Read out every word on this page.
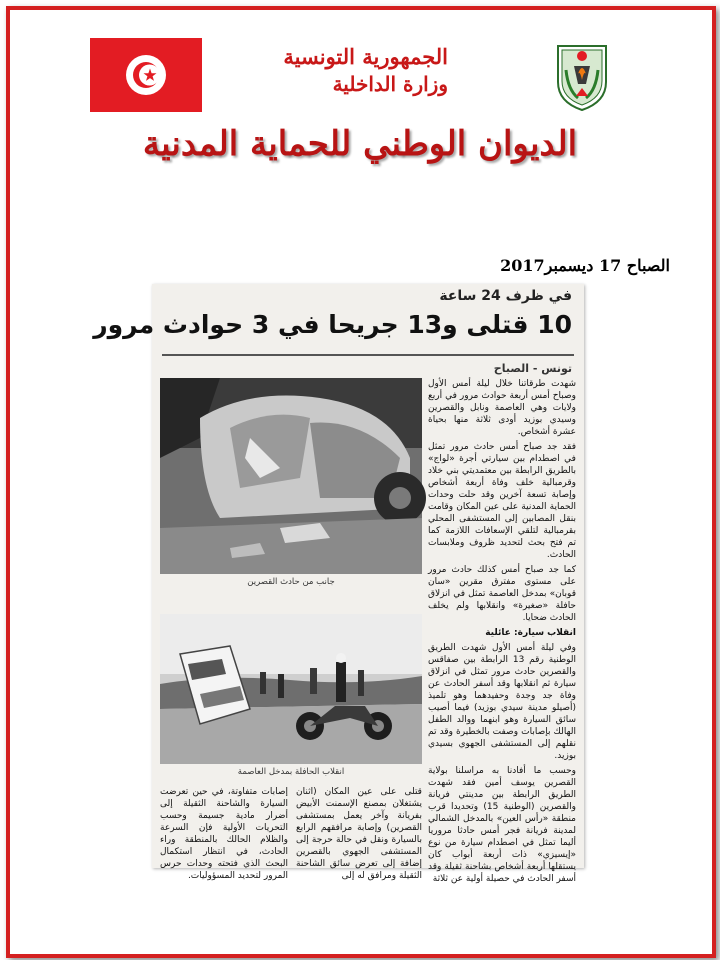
الجمهورية التونسية
وزارة الداخلية
الديوان الوطني للحماية المدنية
الصباح 17 ديسمبر2017
في ظرف 24 ساعة
10 قتلى و13 جريحا في 3 حوادث مرور
تونس - الصباح
جانب من حادث القصرين
انقلاب الحافلة بمدخل العاصمة

شهدت طرقاتنا خلال ليلة أمس الأول وصباح أمس أربعة حوادث مرور في أربع ولايات وهي العاصمة ونابل والقصرين وسيدي بوزيد أودى ثلاثة منها بحياة عشرة أشخاص.

فقد جد صباح أمس حادث مرور تمثل في اصطدام بين سيارتي أجرة «لواج» بالطريق الرابطة بين معتمديتي بني خلاد وقرمبالية خلف وفاة أربعة أشخاص وإصابة تسعة آخرين وقد حلت وحدات الحماية المدنية على عين المكان وقامت بنقل المصابين إلى المستشفى المحلي بقرمبالية لتلقي الإسعافات اللازمة كما تم فتح بحث لتحديد ظروف وملابسات الحادث.

كما جد صباح أمس كذلك حادث مرور على مستوى مفترق مقرين «سان قوبان» بمدخل العاصمة تمثل في انزلاق حافلة «صغيرة» وانقلابها ولم يخلف الحادث ضحايا.

انقلاب سيارة: عائلية

وفي ليلة أمس الأول شهدت الطريق الوطنية رقم 13 الرابطة بين صفاقس والقصرين حادث مرور تمثل في انزلاق سيارة ثم انقلابها وقد أسفر الحادث عن وفاة جد وجدة وحفيدهما وهو تلميذ (أصيلو مدينة سيدي بوزيد) فيما أصيب سائق السيارة وهو ابنهما ووالد الطفل الهالك بإصابات وصفت بالخطيرة وقد تم نقلهم إلى المستشفى الجهوي بسيدي بوزيد.

وحسب ما أفادنا به مراسلنا بولاية القصرين يوسف أمين فقد شهدت الطريق الرابطة بين مدينتي فريانة والقصرين (الوطنية 15) وتحديدا قرب منطقة «رأس العين» بالمدخل الشمالي لمدينة فريانة فجر أمس حادثا مروريا أليما تمثل في اصطدام سيارة من نوع «إيسيزي» ذات أربعة أبواب كان يستقلها أربعة أشخاص بشاحنة ثقيلة وقد أسفر الحادث في حصيلة أولية عن ثلاثة

قتلى على عين المكان (اثنان يشتغلان بمصنع الإسمنت الأبيض بفريانة وآخر يعمل بمستشفى القصرين) وإصابة مرافقهم الرابع بالسيارة ونقل في حالة حرجة إلى المستشفى الجهوي بالقصرين إضافة إلى تعرض سائق الشاحنة الثقيلة ومرافق له إلى

إصابات متفاوتة، في حين تعرضت السيارة والشاحنة الثقيلة إلى أضرار مادية جسيمة وحسب التحريات الأولية فإن السرعة والظلام الحالك بالمنطقة وراء الحادث، في انتظار استكمال البحث الذي فتحته وحدات حرس المرور لتحديد المسؤوليات.
